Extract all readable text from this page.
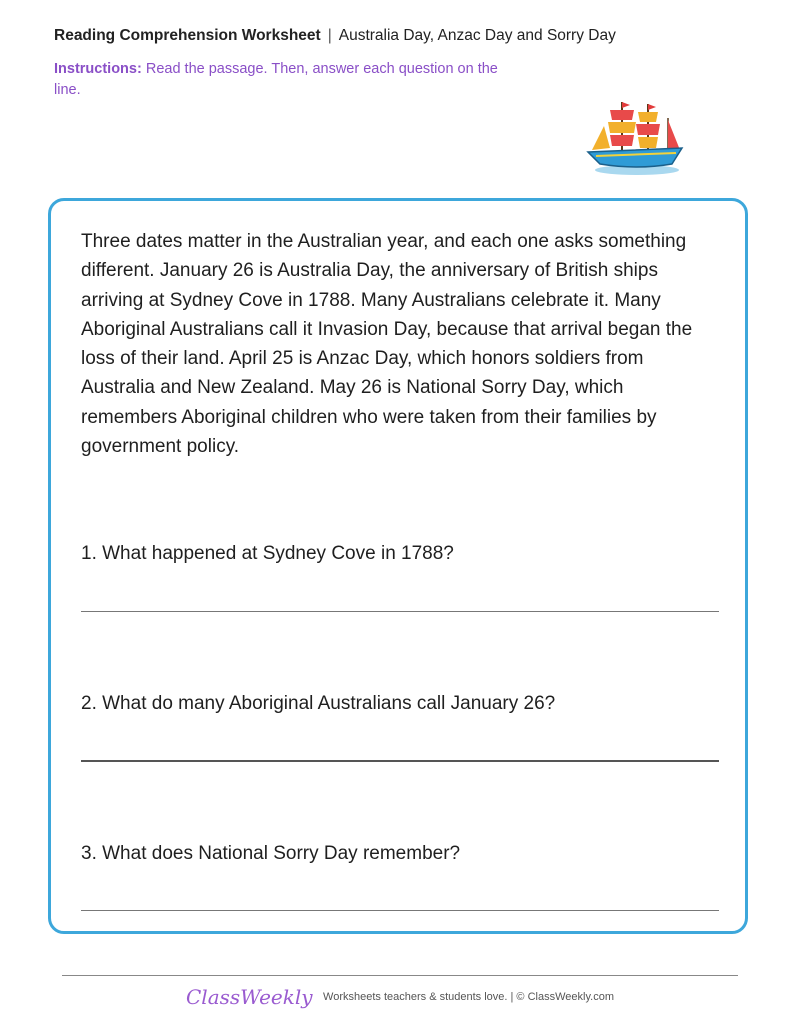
Reading Comprehension Worksheet | Australia Day, Anzac Day and Sorry Day
Instructions: Read the passage. Then, answer each question on the line.

Three dates matter in the Australian year, and each one asks something different. January 26 is Australia Day, the anniversary of British ships arriving at Sydney Cove in 1788. Many Australians celebrate it. Many Aboriginal Australians call it Invasion Day, because that arrival began the loss of their land. April 25 is Anzac Day, which honors soldiers from Australia and New Zealand. May 26 is National Sorry Day, which remembers Aboriginal children who were taken from their families by government policy.

1. What happened at Sydney Cove in 1788?

2. What do many Aboriginal Australians call January 26?

3. What does National Sorry Day remember?

ClassWeekly Worksheets teachers & students love. | © ClassWeekly.com
